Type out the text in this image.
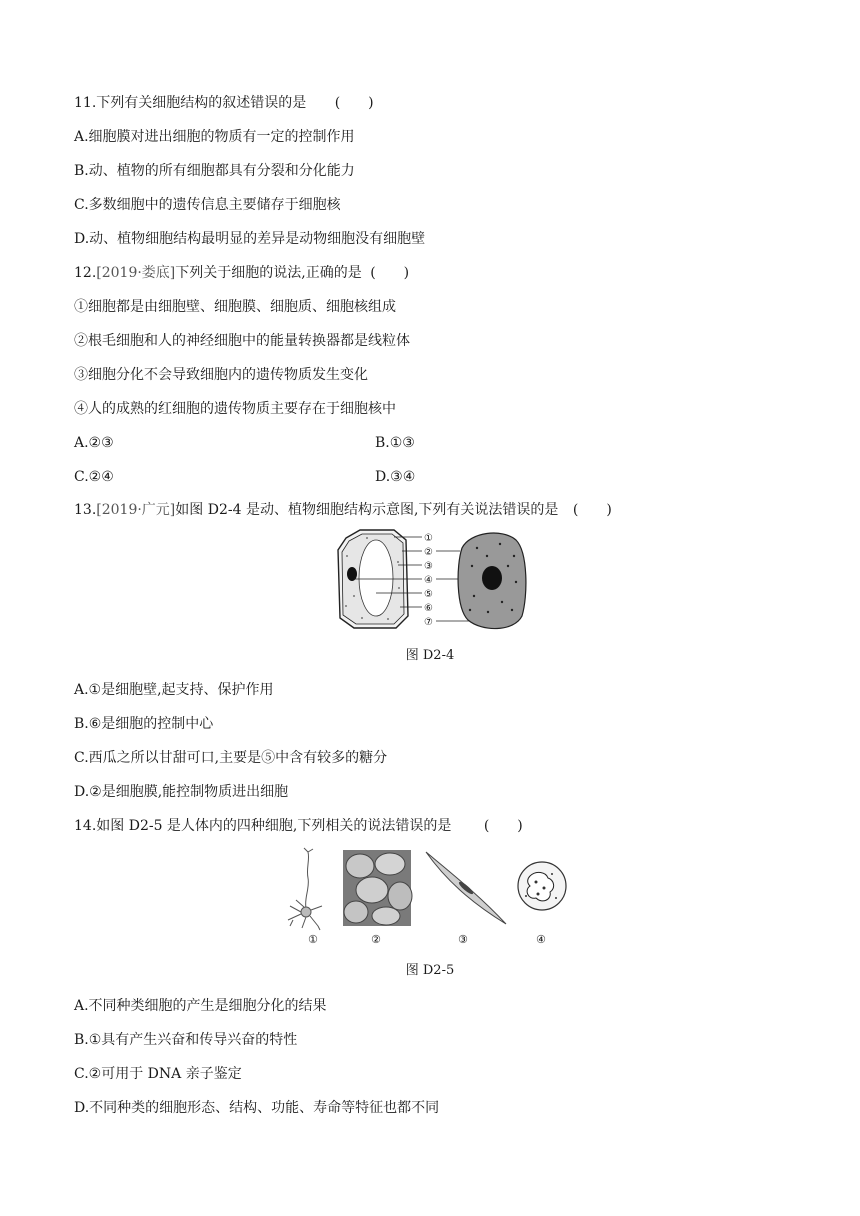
11.下列有关细胞结构的叙述错误的是 (　　)
A.细胞膜对进出细胞的物质有一定的控制作用
B.动、植物的所有细胞都具有分裂和分化能力
C.多数细胞中的遗传信息主要储存于细胞核
D.动、植物细胞结构最明显的差异是动物细胞没有细胞壁
12.[2019·娄底]下列关于细胞的说法,正确的是 (　　)
①细胞都是由细胞壁、细胞膜、细胞质、细胞核组成
②根毛细胞和人的神经细胞中的能量转换器都是线粒体
③细胞分化不会导致细胞内的遗传物质发生变化
④人的成熟的红细胞的遗传物质主要存在于细胞核中
A.②③	B.①③
C.②④	D.③④
13.[2019·广元]如图 D2-4 是动、植物细胞结构示意图,下列有关说法错误的是 (　　)
①
②
③
④
⑤
⑥
⑦
图 D2-4
A.①是细胞壁,起支持、保护作用
B.⑥是细胞的控制中心
C.西瓜之所以甘甜可口,主要是⑤中含有较多的糖分
D.②是细胞膜,能控制物质进出细胞
14.如图 D2-5 是人体内的四种细胞,下列相关的说法错误的是 (　　)
①	②	③	④
图 D2-5
A.不同种类细胞的产生是细胞分化的结果
B.①具有产生兴奋和传导兴奋的特性
C.②可用于 DNA 亲子鉴定
D.不同种类的细胞形态、结构、功能、寿命等特征也都不同
